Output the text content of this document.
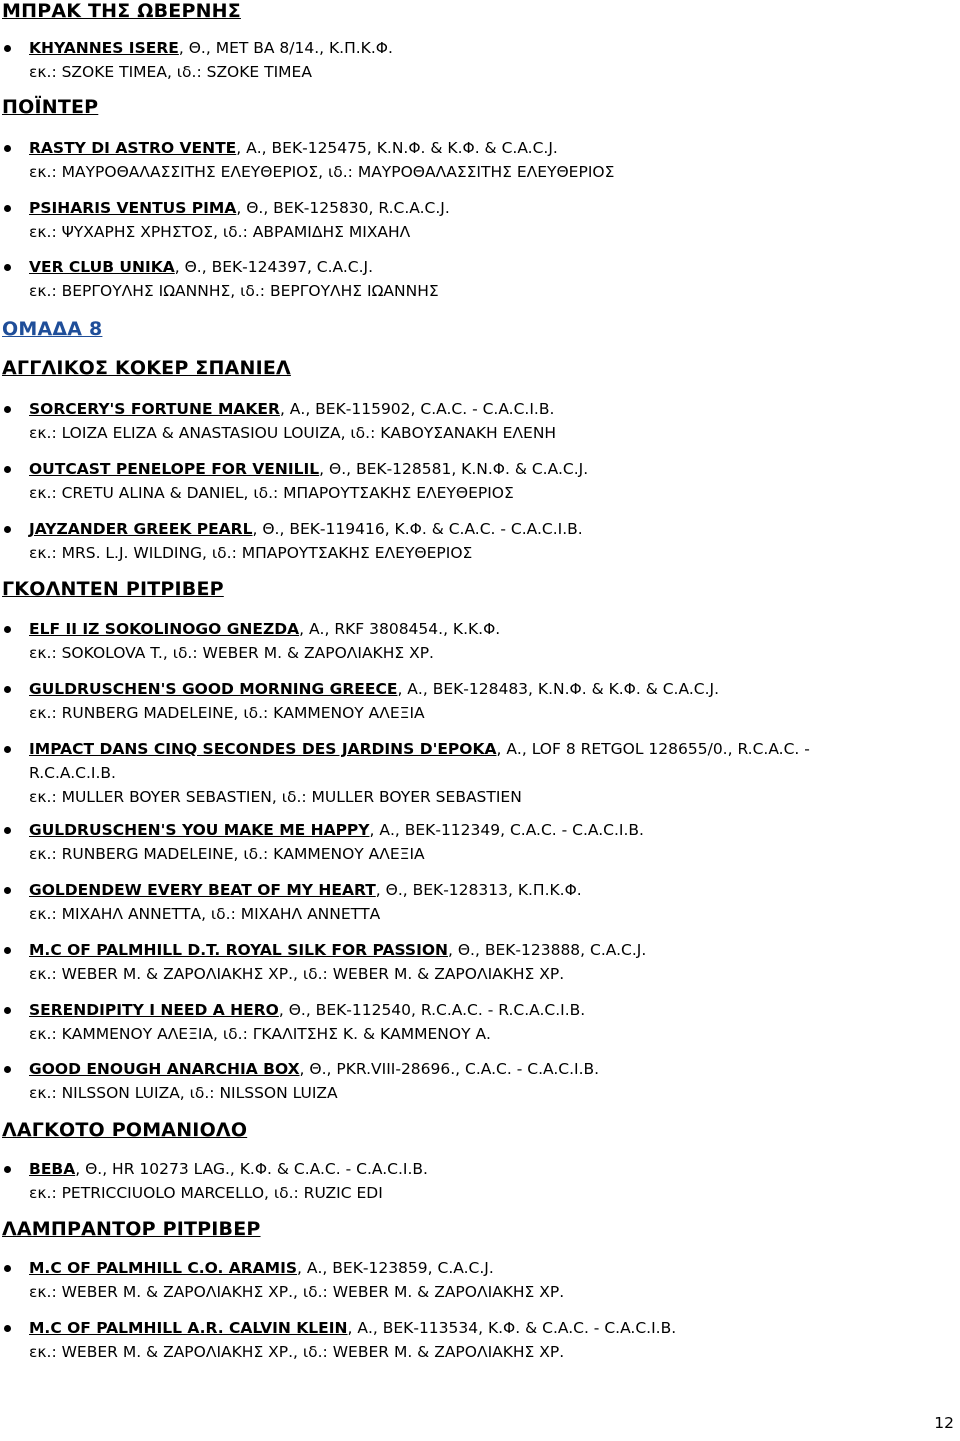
ΜΠΡΑΚ ΤΗΣ ΩΒΕΡΝΗΣ
KHYANNES ISERE, Θ., ΜΕΤ ΒΑ 8/14., Κ.Π.Κ.Φ.
εκ.: SZOKE TIMEA, ιδ.: SZOKE TIMEA
ΠΟΪΝΤΕΡ
RASTY DI ASTRO VENTE, Α., ΒΕΚ-125475, Κ.Ν.Φ. & Κ.Φ. & C.A.C.J.
εκ.: ΜΑΥΡΟΘΑΛΑΣΣΙΤΗΣ ΕΛΕΥΘΕΡΙΟΣ, ιδ.: ΜΑΥΡΟΘΑΛΑΣΣΙΤΗΣ ΕΛΕΥΘΕΡΙΟΣ
PSIHARIS VENTUS PIMA, Θ., ΒΕΚ-125830, R.C.A.C.J.
εκ.: ΨΥΧΑΡΗΣ ΧΡΗΣΤΟΣ, ιδ.: ΑΒΡΑΜΙΔΗΣ ΜΙΧΑΗΛ
VER CLUB UNIKA, Θ., ΒΕΚ-124397, C.A.C.J.
εκ.: ΒΕΡΓΟΥΛΗΣ ΙΩΑΝΝΗΣ, ιδ.: ΒΕΡΓΟΥΛΗΣ ΙΩΑΝΝΗΣ
ΟΜΑΔΑ 8
ΑΓΓΛΙΚΟΣ ΚΟΚΕΡ ΣΠΑΝΙΕΛ
SORCERY'S FORTUNE MAKER, Α., ΒΕΚ-115902, C.A.C. - C.A.C.I.B.
εκ.: LOIZA ELIZA & ANASTASIOU LOUIZA, ιδ.: ΚΑΒΟΥΣΑΝΑΚΗ ΕΛΕΝΗ
OUTCAST PENELOPE FOR VENILIL, Θ., ΒΕΚ-128581, Κ.Ν.Φ. & C.A.C.J.
εκ.: CRETU ALINA & DANIEL, ιδ.: ΜΠΑΡΟΥΤΣΑΚΗΣ ΕΛΕΥΘΕΡΙΟΣ
JAYZANDER GREEK PEARL, Θ., ΒΕΚ-119416, Κ.Φ. & C.A.C. - C.A.C.I.B.
εκ.: MRS. L.J. WILDING, ιδ.: ΜΠΑΡΟΥΤΣΑΚΗΣ ΕΛΕΥΘΕΡΙΟΣ
ΓΚΟΛΝΤΕΝ ΡΙΤΡΙΒΕΡ
ELF II IZ SOKOLINOGO GNEZDA, Α., RKF 3808454., Κ.Κ.Φ.
εκ.: SOKOLOVA T., ιδ.: WEBER M. & ΖΑΡΟΛΙΑΚΗΣ ΧΡ.
GULDRUSCHEN'S GOOD MORNING GREECE, Α., ΒΕΚ-128483, Κ.Ν.Φ. & Κ.Φ. & C.A.C.J.
εκ.: RUNBERG MADELEINE, ιδ.: ΚΑΜΜΕΝΟΥ ΑΛΕΞΙΑ
IMPACT DANS CINQ SECONDES DES JARDINS D'EPOKA, Α., LOF 8 RETGOL 128655/0., R.C.A.C. -
R.C.A.C.I.B.
εκ.: MULLER BOYER SEBASTIEN, ιδ.: MULLER BOYER SEBASTIEN
GULDRUSCHEN'S YOU MAKE ME HAPPY, Α., ΒΕΚ-112349, C.A.C. - C.A.C.I.B.
εκ.: RUNBERG MADELEINE, ιδ.: ΚΑΜΜΕΝΟΥ ΑΛΕΞΙΑ
GOLDENDEW EVERY BEAT OF MY HEART, Θ., ΒΕΚ-128313, Κ.Π.Κ.Φ.
εκ.: ΜΙΧΑΗΛ ΑΝΝΕΤΤΑ, ιδ.: ΜΙΧΑΗΛ ΑΝΝΕΤΤΑ
M.C OF PALMHILL D.T. ROYAL SILK FOR PASSION, Θ., ΒΕΚ-123888, C.A.C.J.
εκ.: WEBER M. & ΖΑΡΟΛΙΑΚΗΣ ΧΡ., ιδ.: WEBER M. & ΖΑΡΟΛΙΑΚΗΣ ΧΡ.
SERENDIPITY I NEED A HERO, Θ., ΒΕΚ-112540, R.C.A.C. - R.C.A.C.I.B.
εκ.: ΚΑΜΜΕΝΟΥ ΑΛΕΞΙΑ, ιδ.: ΓΚΑΛΙΤΣΗΣ Κ. & ΚΑΜΜΕΝΟΥ Α.
GOOD ENOUGH ANARCHIA BOX, Θ., PKR.VIII-28696., C.A.C. - C.A.C.I.B.
εκ.: NILSSON LUIZA, ιδ.: NILSSON LUIZA
ΛΑΓΚΟΤΟ ΡΟΜΑΝΙΟΛΟ
BEBA, Θ., HR 10273 LAG., Κ.Φ. & C.A.C. - C.A.C.I.B.
εκ.: PETRICCIUOLO MARCELLO, ιδ.: RUZIC EDI
ΛΑΜΠΡΑΝΤΟΡ ΡΙΤΡΙΒΕΡ
M.C OF PALMHILL C.O. ARAMIS, Α., ΒΕΚ-123859, C.A.C.J.
εκ.: WEBER M. & ΖΑΡΟΛΙΑΚΗΣ ΧΡ., ιδ.: WEBER M. & ΖΑΡΟΛΙΑΚΗΣ ΧΡ.
M.C OF PALMHILL A.R. CALVIN KLEIN, Α., ΒΕΚ-113534, Κ.Φ. & C.A.C. - C.A.C.I.B.
εκ.: WEBER M. & ΖΑΡΟΛΙΑΚΗΣ ΧΡ., ιδ.: WEBER M. & ΖΑΡΟΛΙΑΚΗΣ ΧΡ.
12
